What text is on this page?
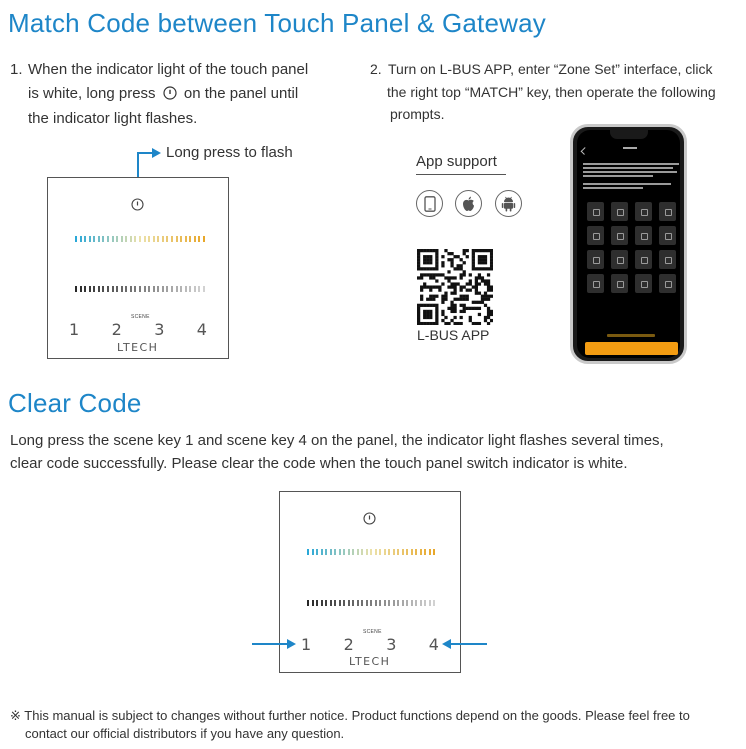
Match Code between Touch Panel & Gateway
1. When the indicator light of the touch panel
is white, long press on the panel until
the indicator light flashes.
2. Turn on L-BUS APP, enter “Zone Set” interface, click
the right top “MATCH” key, then operate the following
prompts.
Long press to flash
SCENE
1 2 3 4
LTECH
App support
L-BUS APP
Clear Code
Long press the scene key 1 and scene key 4 on the panel, the indicator light flashes several times,
clear code successfully. Please clear the code when the touch panel switch indicator is white.
SCENE
1 2 3 4
LTECH
※ This manual is subject to changes without further notice. Product functions depend on the goods. Please feel free to
contact our official distributors if you have any question.
